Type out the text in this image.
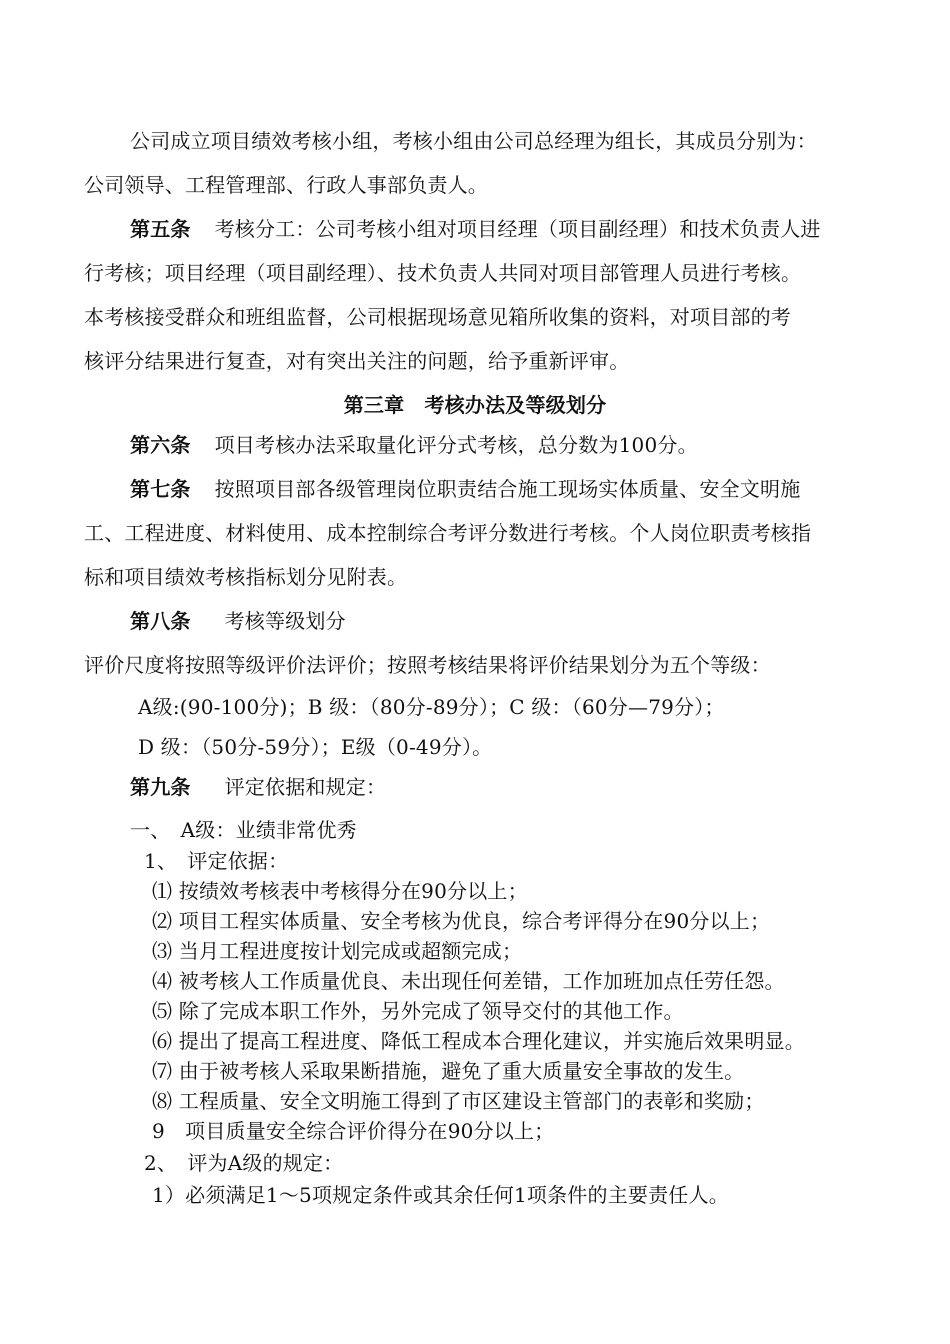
公司成立项目绩效考核小组，考核小组由公司总经理为组长，其成员分别为：
公司领导、工程管理部、行政人事部负责人。
第五条 考核分工：公司考核小组对项目经理（项目副经理）和技术负责人进
行考核；项目经理（项目副经理）、技术负责人共同对项目部管理人员进行考核。
本考核接受群众和班组监督，公司根据现场意见箱所收集的资料，对项目部的考
核评分结果进行复查，对有突出关注的问题，给予重新评审。
第三章　考核办法及等级划分
第六条 项目考核办法采取量化评分式考核，总分数为100分。
第七条 按照项目部各级管理岗位职责结合施工现场实体质量、安全文明施
工、工程进度、材料使用、成本控制综合考评分数进行考核。个人岗位职责考核指
标和项目绩效考核指标划分见附表。
第八条 考核等级划分
评价尺度将按照等级评价法评价；按照考核结果将评价结果划分为五个等级：
A级:(90-100分)；B 级：（80分-89分）；C 级：（60分—79分）；
D 级：（50分-59分）；E级（0-49分）。
第九条 评定依据和规定：
一、　A级：业绩非常优秀
1、　评定依据：
⑴ 按绩效考核表中考核得分在90分以上；
⑵ 项目工程实体质量、安全考核为优良，综合考评得分在90分以上；
⑶ 当月工程进度按计划完成或超额完成；
⑷ 被考核人工作质量优良、未出现任何差错，工作加班加点任劳任怨。
⑸ 除了完成本职工作外，另外完成了领导交付的其他工作。
⑹ 提出了提高工程进度、降低工程成本合理化建议，并实施后效果明显。
⑺ 由于被考核人采取果断措施，避免了重大质量安全事故的发生。
⑻ 工程质量、安全文明施工得到了市区建设主管部门的表彰和奖励；
9　项目质量安全综合评价得分在90分以上；
2、　评为A级的规定：
1）必须满足1～5项规定条件或其余任何1项条件的主要责任人。
